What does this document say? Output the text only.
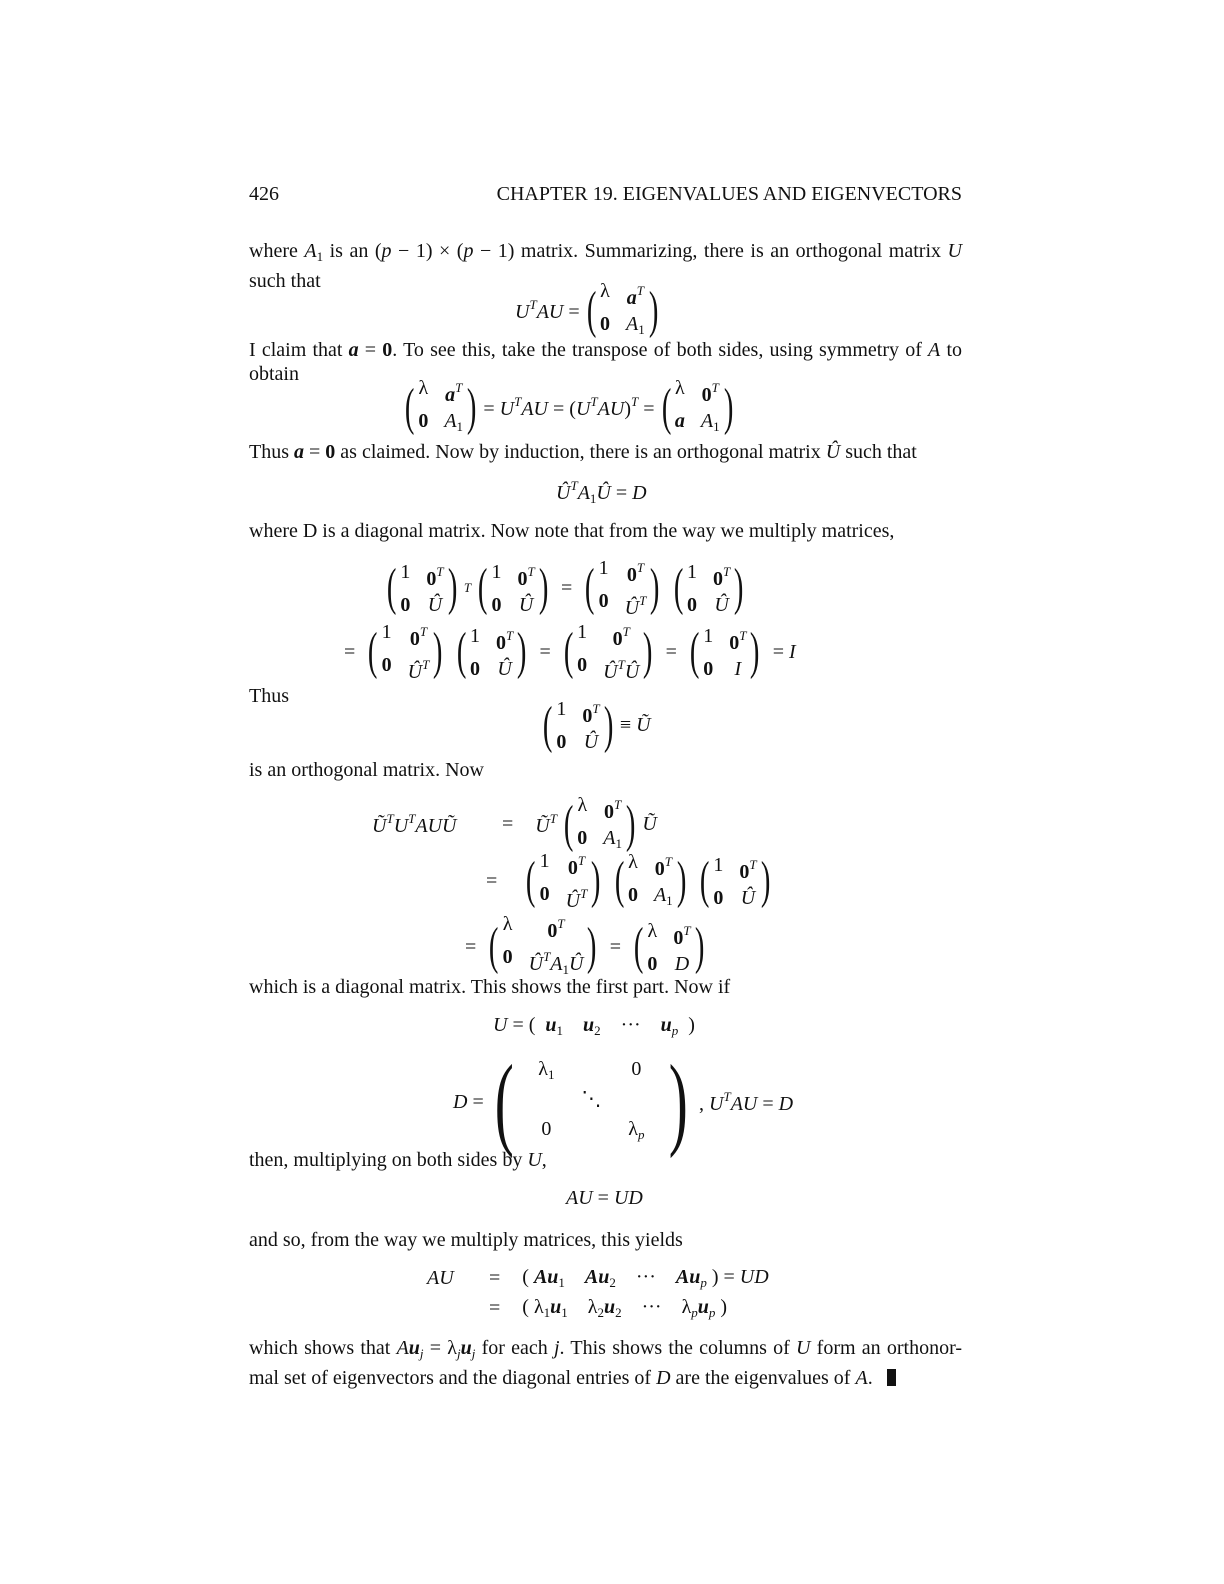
426	CHAPTER 19. EIGENVALUES AND EIGENVECTORS
where $A_1$ is an (p − 1) × (p − 1) matrix. Summarizing, there is an orthogonal matrix U such that
$U^TAU$ = ( λ $a^T$
0 $A_1$ )
I claim that a = 0. To see this, take the transpose of both sides, using symmetry of A to obtain
( λ $a^T$
0 $A_1$ ) = $U^TAU = (U^TAU)^T$ = ( λ $0^T$
a $A_1$ )
Thus a = 0 as claimed. Now by induction, there is an orthogonal matrix Û such that
$Û^TA_1Û = D$
where D is a diagonal matrix. Now note that from the way we multiply matrices,
( 1 $0^T$
0 Û ) T ( 1 $0^T$
0 Û ) = ( 1 $0^T$
0 $Û^T$ ) ( 1 $0^T$
0 Û )
= ( 1 $0^T$
0 $Û^T$ ) ( 1 $0^T$
0 Û ) = ( 1	$0^T$
0 $Û^TÛ$ ) = ( 1 $0^T$
0 I ) = I
Thus
( 1 $0^T$
0 Û ) ≡ Ũ
is an orthogonal matrix. Now
$Ũ^TU^TAUŨ$	= $Ũ^T$ ( λ $0^T$
0 $A_1$ ) Ũ
= ( 1 $0^T$
0 $Û^T$ ) ( λ $0^T$
0 $A_1$ ) ( 1 $0^T$
0 Û )
= ( λ	$0^T$
0 $Û^TA_1Û$ ) = ( λ $0^T$
0 D )
which is a diagonal matrix. This shows the first part. Now if
U = (  $u_1$ $u_2$    ···    $u_p$  )
D = (	$\lambda_1$	0
⋱
0	$\lambda_p$ ) , $U^TAU = D$
then, multiplying on both sides by U,
AU = UD
and so, from the way we multiply matrices, this yields
AU	= ( $Au_1$ $Au_2$    ···    $Au_p$ ) = UD
= ( $\lambda_1u_1$    $\lambda_2u_2$    ···    $\lambda_pu_p$ )
which shows that $Au_j = \lambda_ju_j$ for each j. This shows the columns of U form an orthonor-mal set of eigenvectors and the diagonal entries of D are the eigenvalues of A.
